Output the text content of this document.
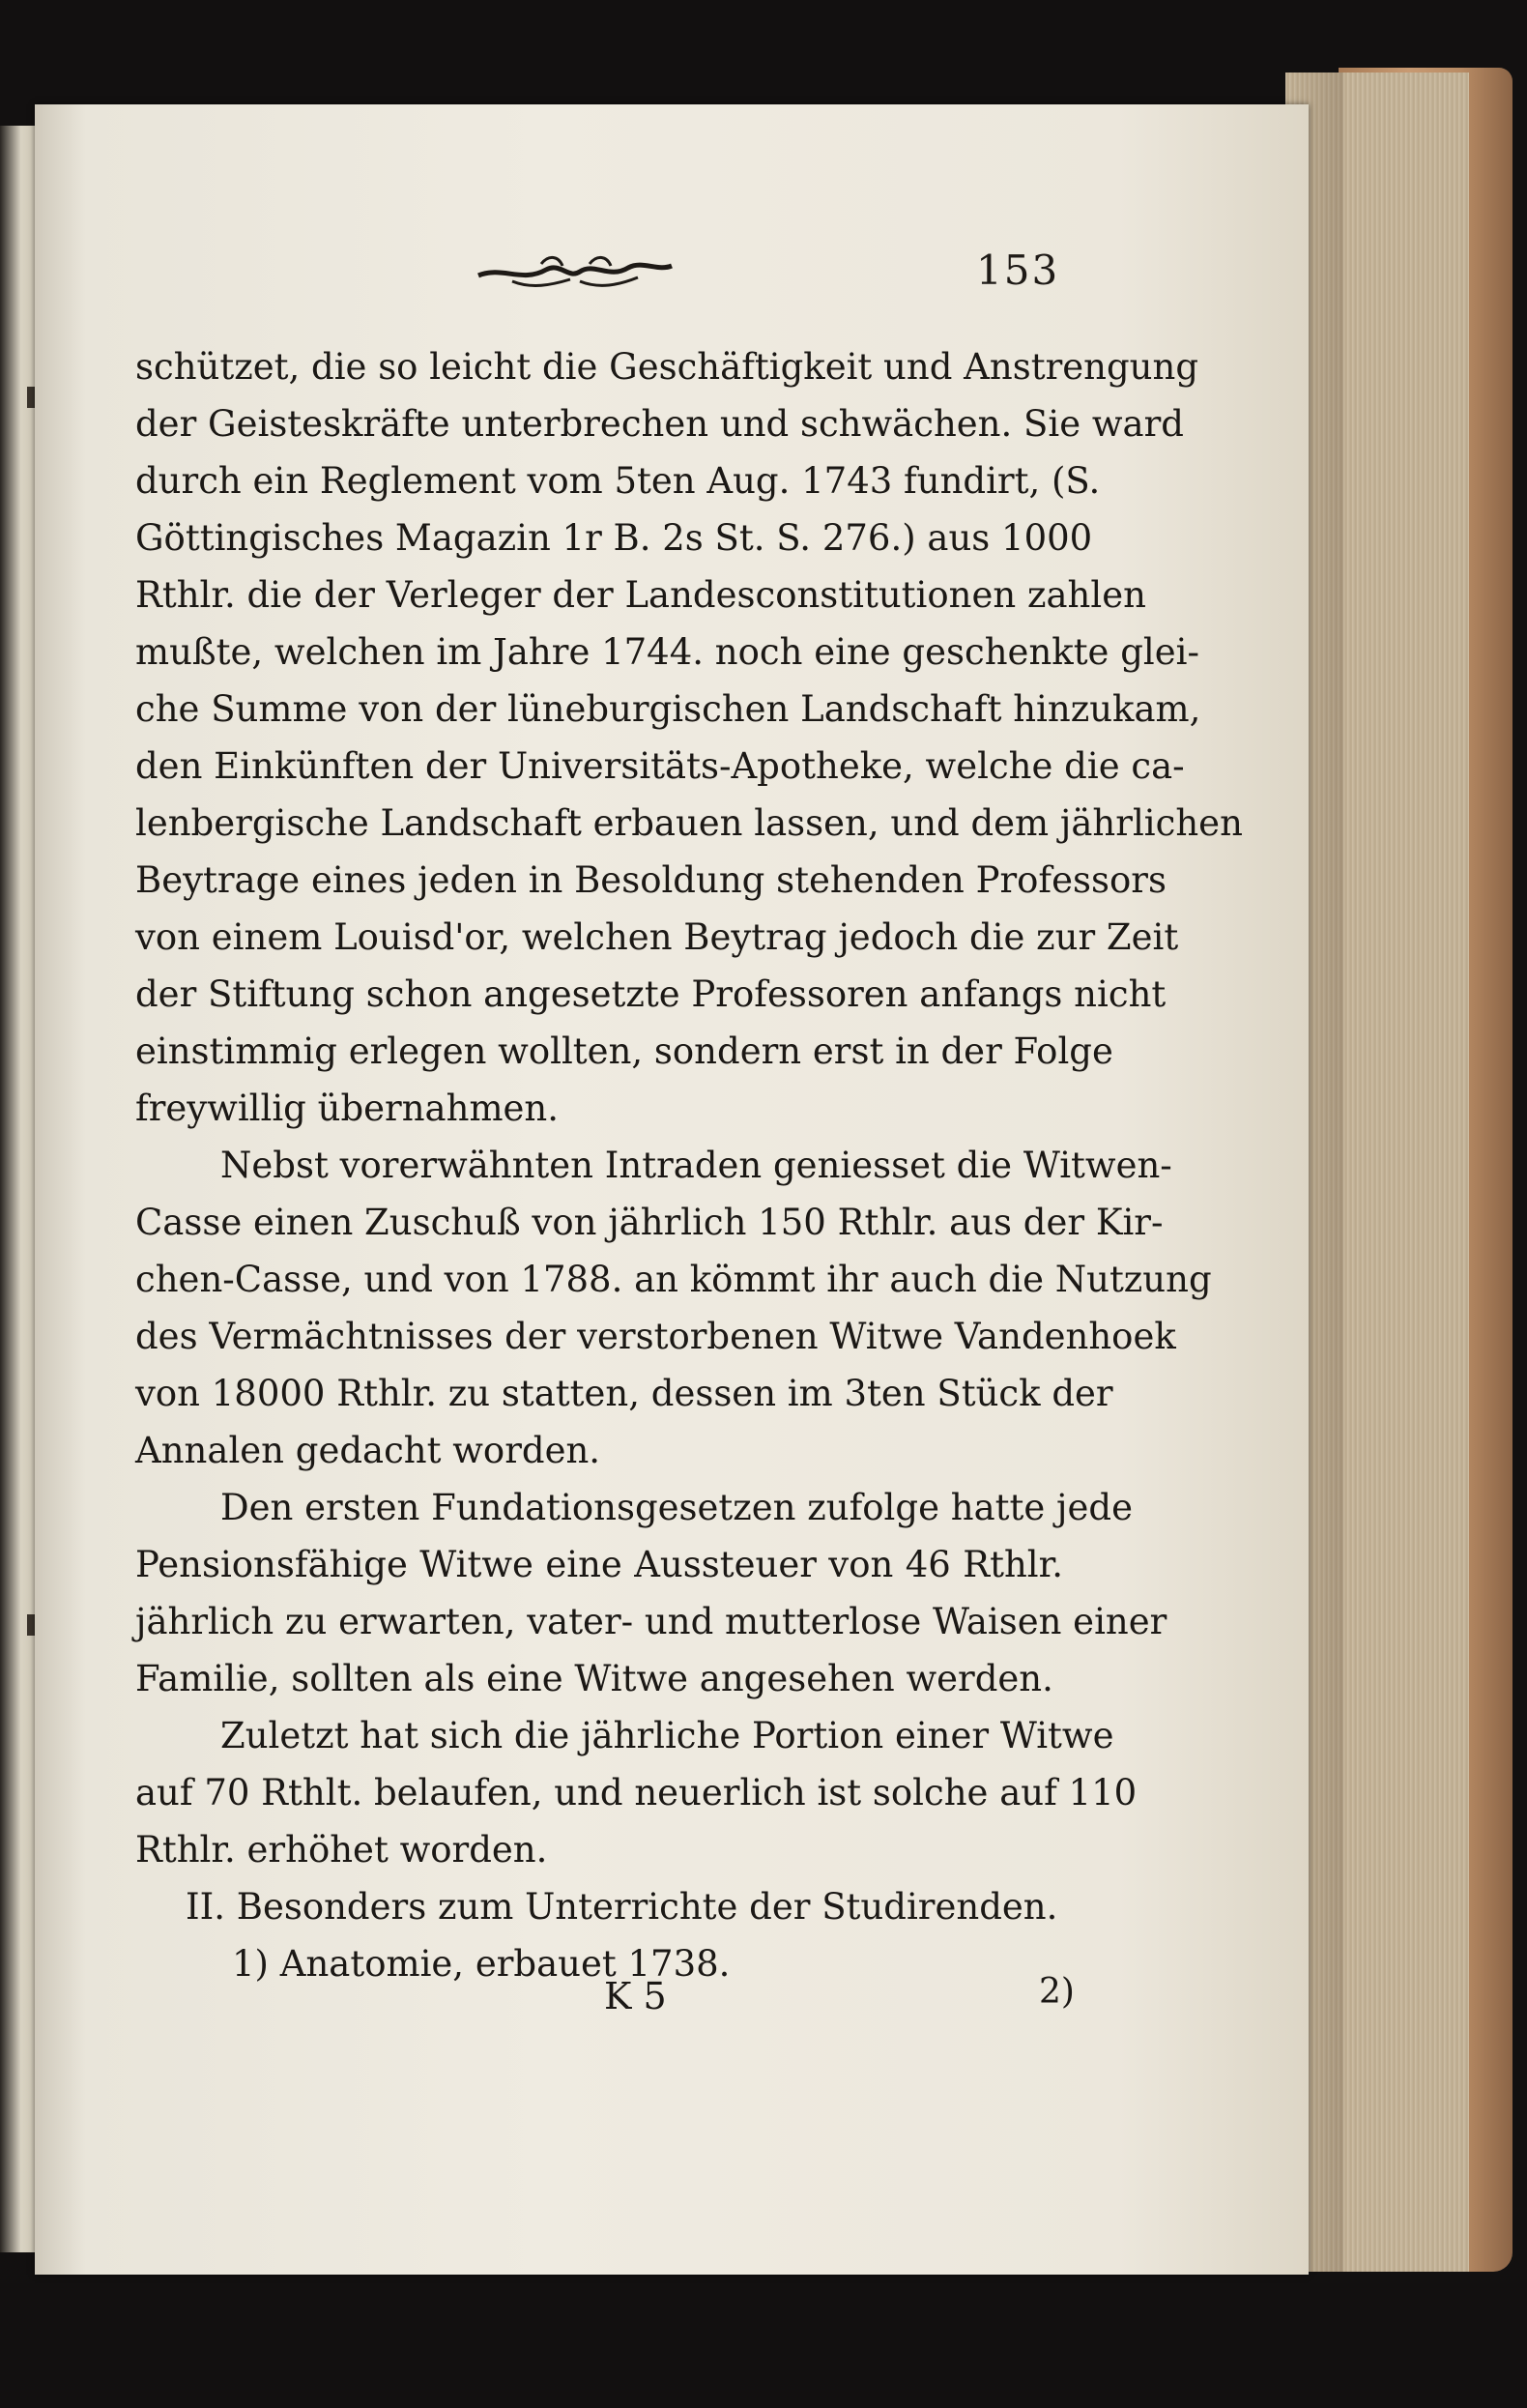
153
schützet, die so leicht die Geschäftigkeit und Anstrengung
der Geisteskräfte unterbrechen und schwächen. Sie ward
durch ein Reglement vom 5ten Aug. 1743 fundirt, (S.
Göttingisches Magazin 1r B. 2s St. S. 276.) aus 1000
Rthlr. die der Verleger der Landesconstitutionen zahlen
mußte, welchen im Jahre 1744. noch eine geschenkte glei-
che Summe von der lüneburgischen Landschaft hinzukam,
den Einkünften der Universitäts-Apotheke, welche die ca-
lenbergische Landschaft erbauen lassen, und dem jährlichen
Beytrage eines jeden in Besoldung stehenden Professors
von einem Louisd'or, welchen Beytrag jedoch die zur Zeit
der Stiftung schon angesetzte Professoren anfangs nicht
einstimmig erlegen wollten, sondern erst in der Folge
freywillig übernahmen.
Nebst vorerwähnten Intraden geniesset die Witwen-
Casse einen Zuschuß von jährlich 150 Rthlr. aus der Kir-
chen-Casse, und von 1788. an kömmt ihr auch die Nutzung
des Vermächtnisses der verstorbenen Witwe Vandenhoek
von 18000 Rthlr. zu statten, dessen im 3ten Stück der
Annalen gedacht worden.
Den ersten Fundationsgesetzen zufolge hatte jede
Pensionsfähige Witwe eine Aussteuer von 46 Rthlr.
jährlich zu erwarten, vater- und mutterlose Waisen einer
Familie, sollten als eine Witwe angesehen werden.
Zuletzt hat sich die jährliche Portion einer Witwe
auf 70 Rthlt. belaufen, und neuerlich ist solche auf 110
Rthlr. erhöhet worden.
II. Besonders zum Unterrichte der Studirenden.
1) Anatomie, erbauet 1738.
K 5	2)
